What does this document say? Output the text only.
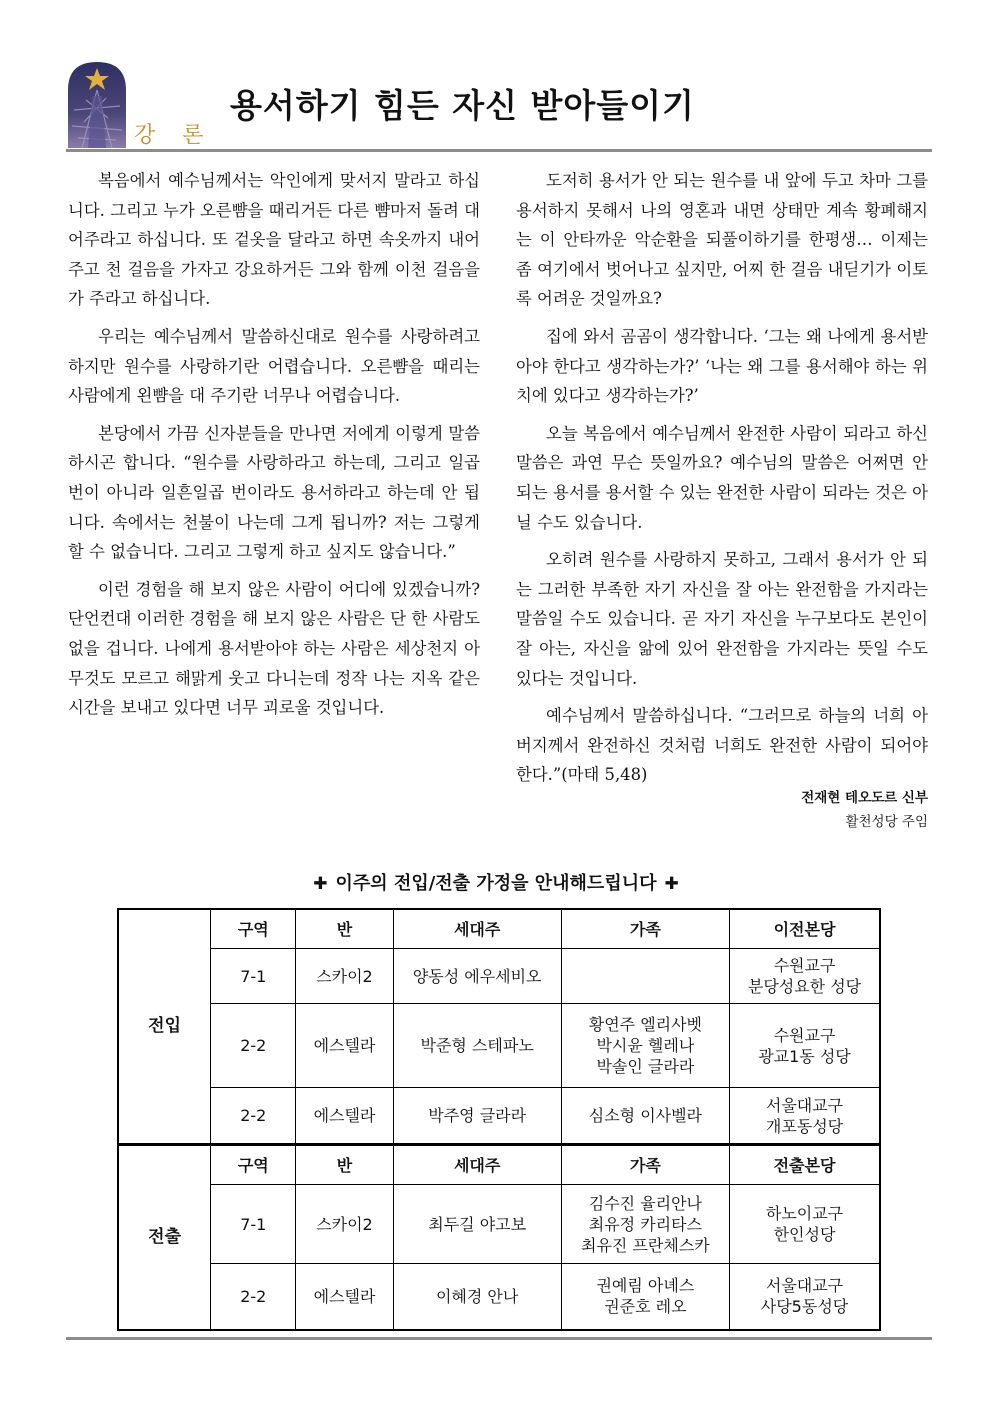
강 론
용서하기 힘든 자신 받아들이기

복음에서 예수님께서는 악인에게 맞서지 말라고 하십니다. 그리고 누가 오른뺨을 때리거든 다른 뺨마저 돌려 대어주라고 하십니다. 또 겉옷을 달라고 하면 속옷까지 내어주고 천 걸음을 가자고 강요하거든 그와 함께 이천 걸음을 가 주라고 하십니다.

우리는 예수님께서 말씀하신대로 원수를 사랑하려고 하지만 원수를 사랑하기란 어렵습니다. 오른뺨을 때리는 사람에게 왼뺨을 대 주기란 너무나 어렵습니다.

본당에서 가끔 신자분들을 만나면 저에게 이렇게 말씀하시곤 합니다. “원수를 사랑하라고 하는데, 그리고 일곱 번이 아니라 일흔일곱 번이라도 용서하라고 하는데 안 됩니다. 속에서는 천불이 나는데 그게 됩니까? 저는 그렇게 할 수 없습니다. 그리고 그렇게 하고 싶지도 않습니다.”

이런 경험을 해 보지 않은 사람이 어디에 있겠습니까? 단언컨대 이러한 경험을 해 보지 않은 사람은 단 한 사람도 없을 겁니다. 나에게 용서받아야 하는 사람은 세상천지 아무것도 모르고 해맑게 웃고 다니는데 정작 나는 지옥 같은 시간을 보내고 있다면 너무 괴로울 것입니다.

도저히 용서가 안 되는 원수를 내 앞에 두고 차마 그를 용서하지 못해서 나의 영혼과 내면 상태만 계속 황폐해지는 이 안타까운 악순환을 되풀이하기를 한평생… 이제는 좀 여기에서 벗어나고 싶지만, 어찌 한 걸음 내딛기가 이토록 어려운 것일까요?

집에 와서 곰곰이 생각합니다. ‘그는 왜 나에게 용서받아야 한다고 생각하는가?’ ‘나는 왜 그를 용서해야 하는 위치에 있다고 생각하는가?’

오늘 복음에서 예수님께서 완전한 사람이 되라고 하신 말씀은 과연 무슨 뜻일까요? 예수님의 말씀은 어쩌면 안 되는 용서를 용서할 수 있는 완전한 사람이 되라는 것은 아닐 수도 있습니다.

오히려 원수를 사랑하지 못하고, 그래서 용서가 안 되는 그러한 부족한 자기 자신을 잘 아는 완전함을 가지라는 말씀일 수도 있습니다. 곧 자기 자신을 누구보다도 본인이 잘 아는, 자신을 앎에 있어 완전함을 가지라는 뜻일 수도 있다는 것입니다.

예수님께서 말씀하십니다. “그러므로 하늘의 너희 아버지께서 완전하신 것처럼 너희도 완전한 사람이 되어야 한다.”(마태 5,48)

전재현 테오도르 신부
활천성당 주임
✚ 이주의 전입/전출 가정을 안내해드립니다 ✚
전입	구역	반	세대주	가족	이전본당
	7-1	스카이2	양동성 에우세비오		수원교구
분당성요한 성당

	2-2	에스텔라	박준형 스테파노	황연주 엘리사벳
박시윤 헬레나
박솔인 글라라	수원교구
광교1동 성당

	2-2	에스텔라	박주영 글라라	심소형 이사벨라	서울대교구
개포동성당

전출	구역	반	세대주	가족	전출본당
	7-1	스카이2	최두길 야고보	김수진 율리안나
최유정 카리타스
최유진 프란체스카	하노이교구
한인성당

	2-2	에스텔라	이혜경 안나	권예림 아녜스
권준호 레오	서울대교구
사당5동성당
